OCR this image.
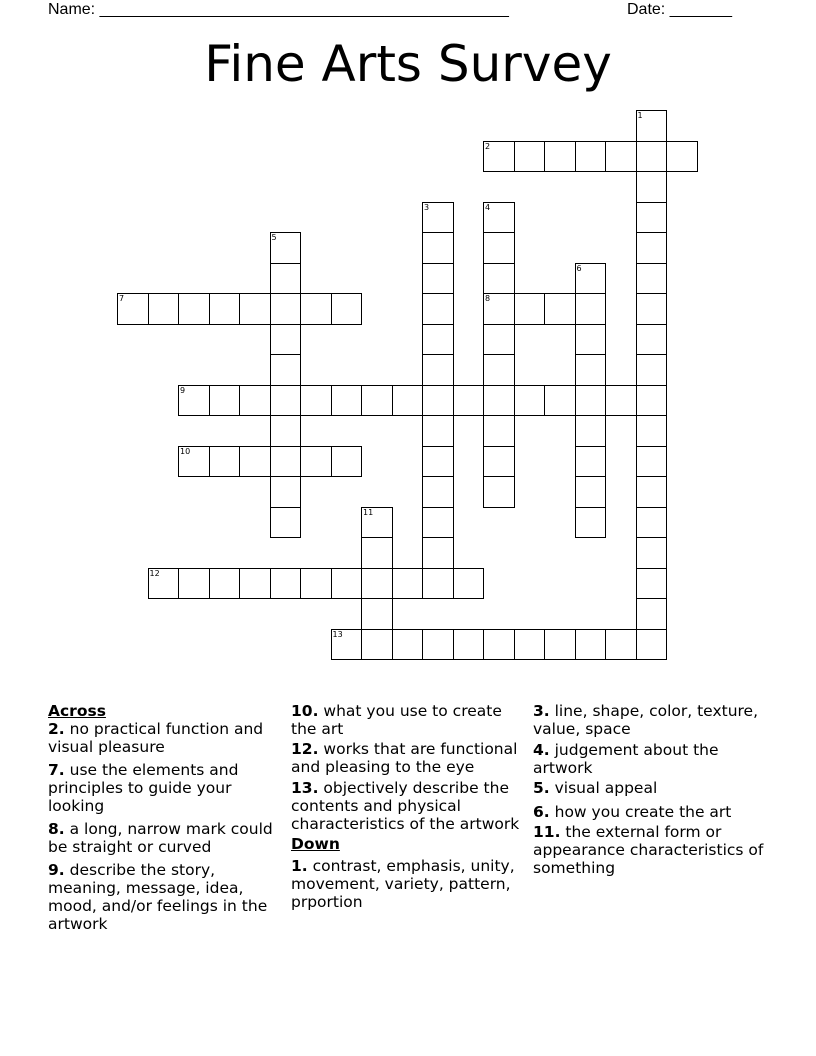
Name: ______________________________________________	Date: _______
Fine Arts Survey
2
7	8
9
10
12
13
1
3	4
5
6
11
Across
2. no practical function and visual pleasure
7. use the elements and principles to guide your looking
8. a long, narrow mark could be straight or curved
9. describe the story, meaning, message, idea, mood, and/or feelings in the artwork
10. what you use to create the art
12. works that are functional and pleasing to the eye
13. objectively describe the contents and physical characteristics of the artwork
Down
1. contrast, emphasis, unity, movement, variety, pattern, prportion
3. line, shape, color, texture, value, space
4. judgement about the artwork
5. visual appeal
6. how you create the art
11. the external form or appearance characteristics of something
